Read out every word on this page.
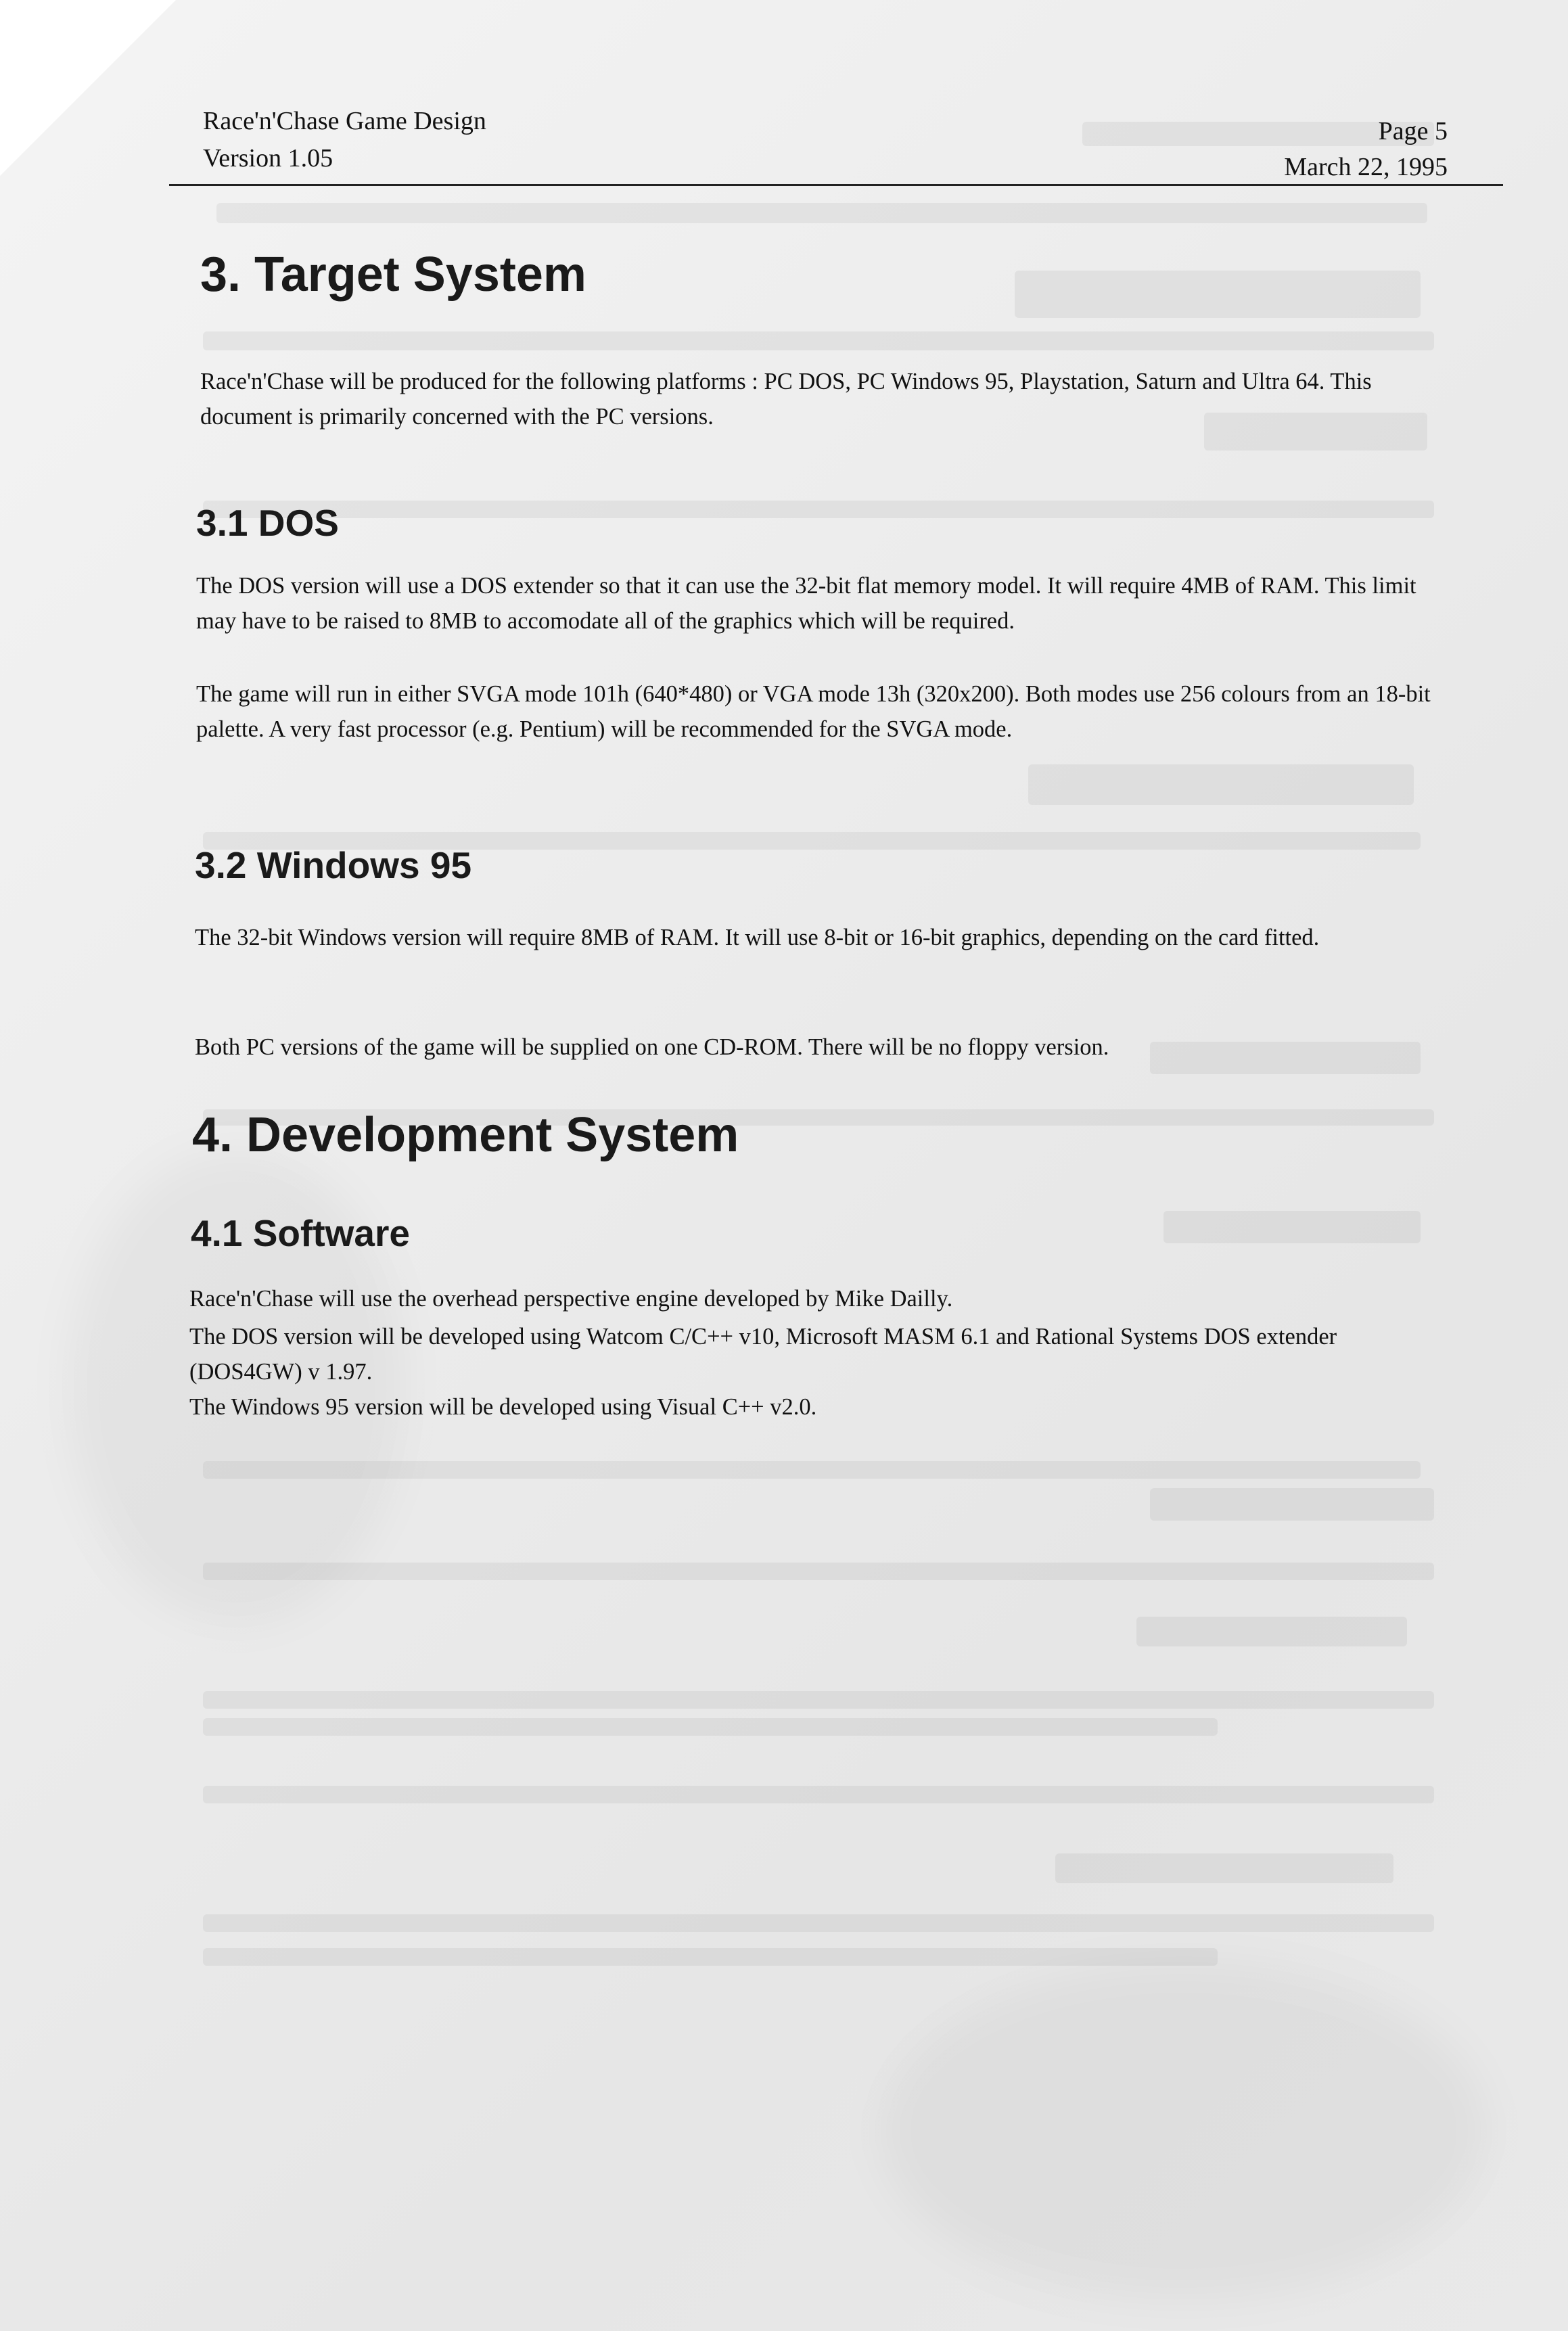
Race'n'Chase Game Design
Version 1.05
Page 5
March 22, 1995
3. Target System

Race'n'Chase will be produced for the following platforms : PC DOS, PC Windows 95, Playstation, Saturn and Ultra 64. This document is primarily concerned with the PC versions.

3.1 DOS

The DOS version will use a DOS extender so that it can use the 32-bit flat memory model. It will require 4MB of RAM. This limit may have to be raised to 8MB to accomodate all of the graphics which will be required.

The game will run in either SVGA mode 101h (640*480) or VGA mode 13h (320x200). Both modes use 256 colours from an 18-bit palette. A very fast processor (e.g. Pentium) will be recommended for the SVGA mode.

3.2 Windows 95

The 32-bit Windows version will require 8MB of RAM. It will use 8-bit or 16-bit graphics, depending on the card fitted.

Both PC versions of the game will be supplied on one CD-ROM. There will be no floppy version.

4. Development System
4.1 Software

Race'n'Chase will use the overhead perspective engine developed by Mike Dailly.

The DOS version will be developed using Watcom C/C++ v10, Microsoft MASM 6.1 and Rational Systems DOS extender (DOS4GW) v 1.97.

The Windows 95 version will be developed using Visual C++ v2.0.
